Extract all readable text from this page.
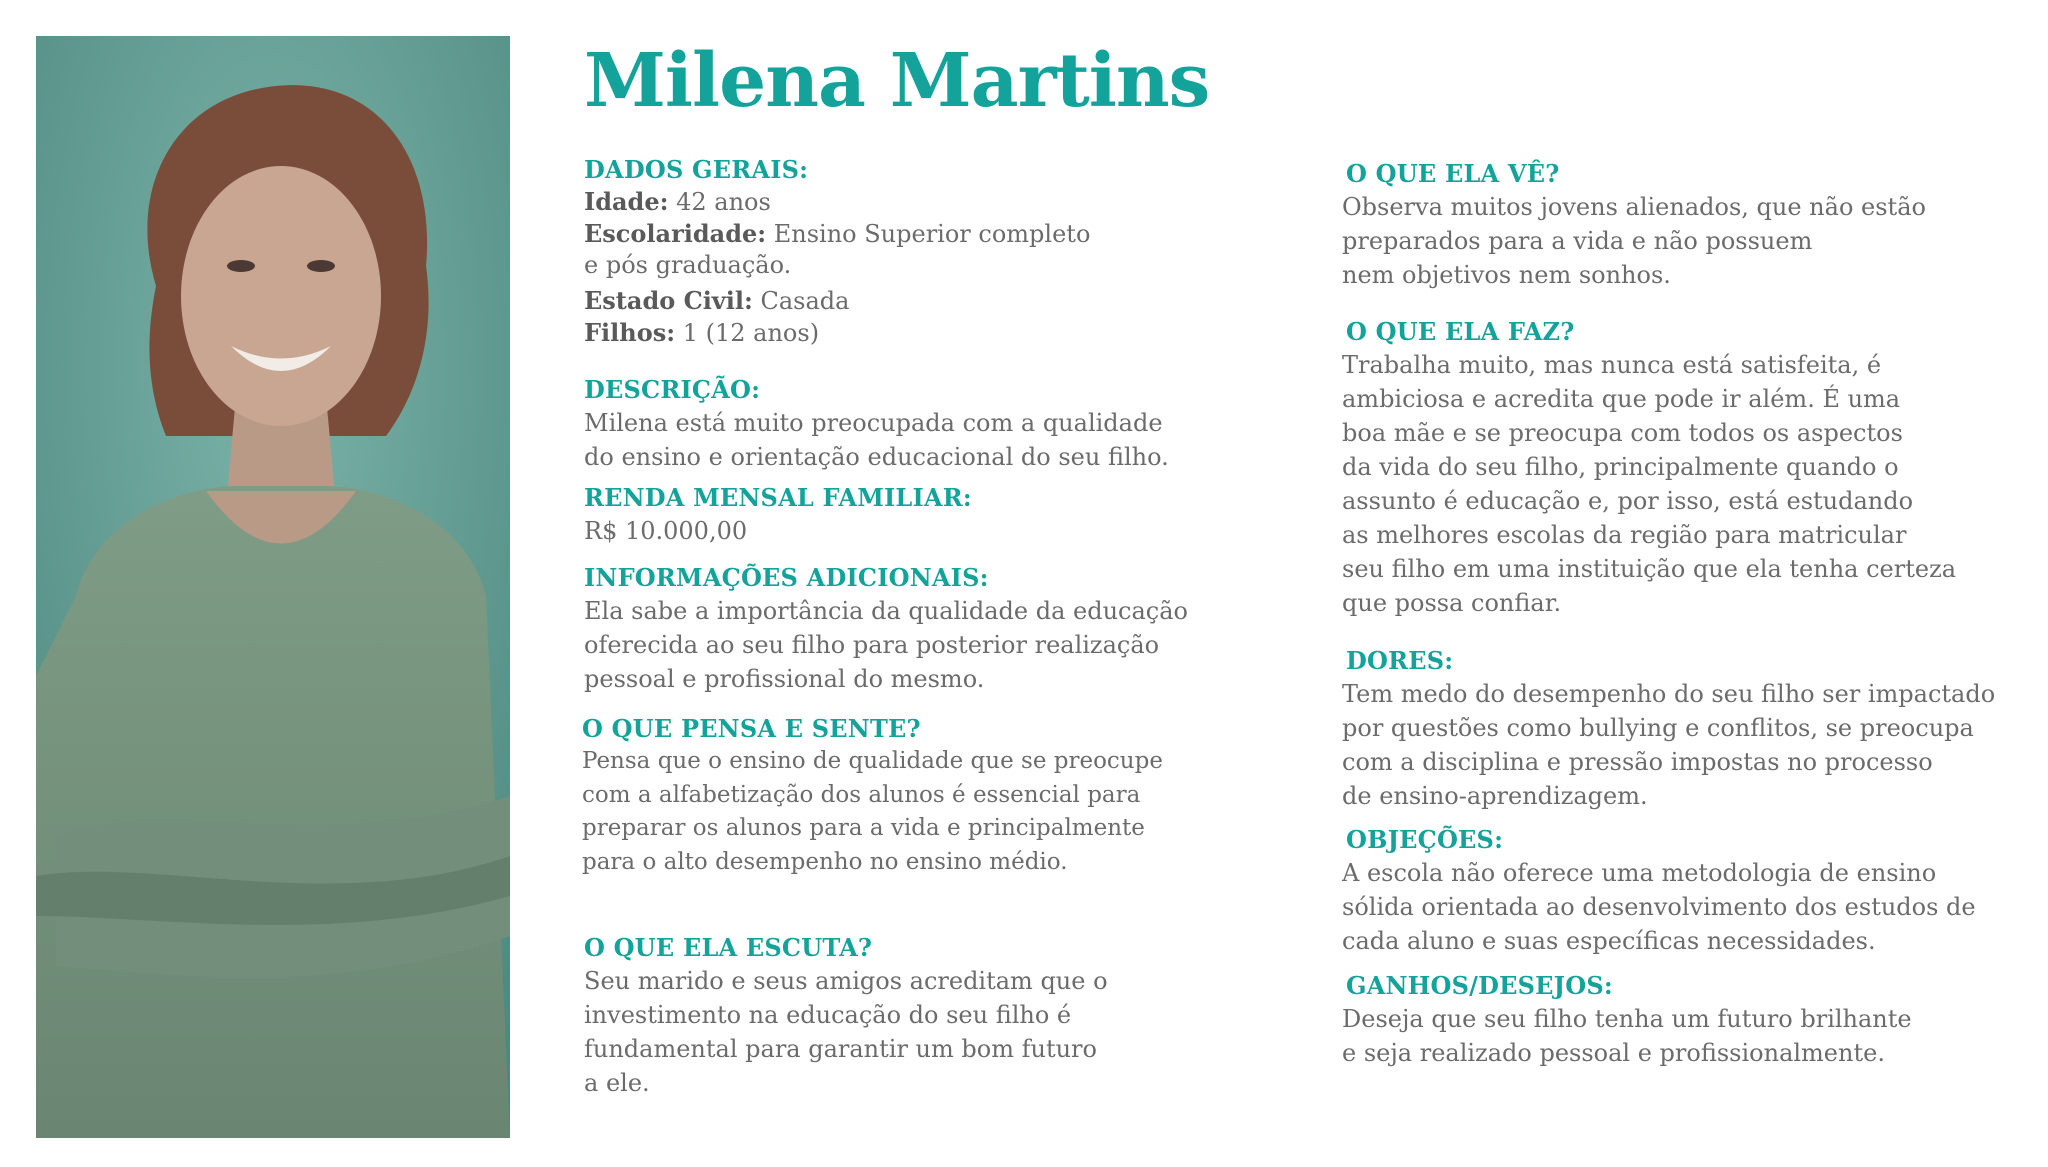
Milena Martins

DADOS GERAIS:

Idade: 42 anos
Escolaridade: Ensino Superior completo
e pós graduação.
Estado Civil: Casada
Filhos: 1 (12 anos)

DESCRIÇÃO:

Milena está muito preocupada com a qualidade
do ensino e orientação educacional do seu filho.

RENDA MENSAL FAMILIAR:

R$ 10.000,00

INFORMAÇÕES ADICIONAIS:

Ela sabe a importância da qualidade da educação
oferecida ao seu filho para posterior realização
pessoal e profissional do mesmo.

O QUE PENSA E SENTE?

Pensa que o ensino de qualidade que se preocupe
com a alfabetização dos alunos é essencial para
preparar os alunos para a vida e principalmente
para o alto desempenho no ensino médio.

O QUE ELA ESCUTA?

Seu marido e seus amigos acreditam que o
investimento na educação do seu filho é
fundamental para garantir um bom futuro
a ele.

O QUE ELA VÊ?

Observa muitos jovens alienados, que não estão
preparados para a vida e não possuem
nem objetivos nem sonhos.

O QUE ELA FAZ?

Trabalha muito, mas nunca está satisfeita, é
ambiciosa e acredita que pode ir além. É uma
boa mãe e se preocupa com todos os aspectos
da vida do seu filho, principalmente quando o
assunto é educação e, por isso, está estudando
as melhores escolas da região para matricular
seu filho em uma instituição que ela tenha certeza
que possa confiar.

DORES:

Tem medo do desempenho do seu filho ser impactado
por questões como bullying e conflitos, se preocupa
com a disciplina e pressão impostas no processo
de ensino-aprendizagem.

OBJEÇÕES:

A escola não oferece uma metodologia de ensino
sólida orientada ao desenvolvimento dos estudos de
cada aluno e suas específicas necessidades.

GANHOS/DESEJOS:

Deseja que seu filho tenha um futuro brilhante
e seja realizado pessoal e profissionalmente.
